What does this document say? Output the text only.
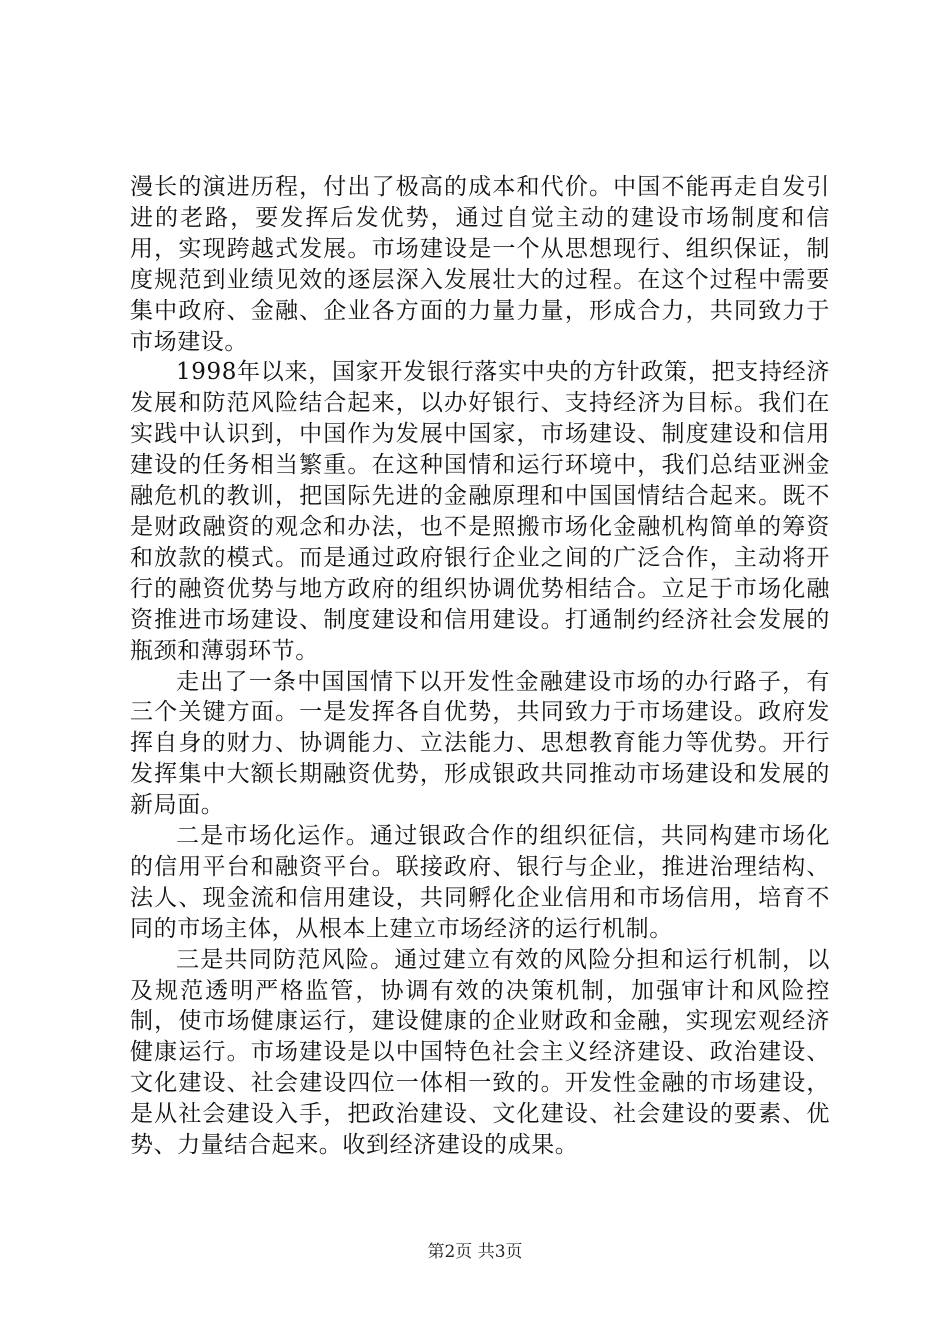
漫长的演进历程，付出了极高的成本和代价。中国不能再走自发引进的老路，要发挥后发优势，通过自觉主动的建设市场制度和信用，实现跨越式发展。市场建设是一个从思想现行、组织保证，制度规范到业绩见效的逐层深入发展壮大的过程。在这个过程中需要集中政府、金融、企业各方面的力量力量，形成合力，共同致力于市场建设。

1998年以来，国家开发银行落实中央的方针政策，把支持经济发展和防范风险结合起来，以办好银行、支持经济为目标。我们在实践中认识到，中国作为发展中国家，市场建设、制度建设和信用建设的任务相当繁重。在这种国情和运行环境中，我们总结亚洲金融危机的教训，把国际先进的金融原理和中国国情结合起来。既不是财政融资的观念和办法，也不是照搬市场化金融机构简单的筹资和放款的模式。而是通过政府银行企业之间的广泛合作，主动将开行的融资优势与地方政府的组织协调优势相结合。立足于市场化融资推进市场建设、制度建设和信用建设。打通制约经济社会发展的瓶颈和薄弱环节。

走出了一条中国国情下以开发性金融建设市场的办行路子，有三个关键方面。一是发挥各自优势，共同致力于市场建设。政府发挥自身的财力、协调能力、立法能力、思想教育能力等优势。开行发挥集中大额长期融资优势，形成银政共同推动市场建设和发展的新局面。

二是市场化运作。通过银政合作的组织征信，共同构建市场化的信用平台和融资平台。联接政府、银行与企业，推进治理结构、法人、现金流和信用建设，共同孵化企业信用和市场信用，培育不同的市场主体，从根本上建立市场经济的运行机制。

三是共同防范风险。通过建立有效的风险分担和运行机制，以及规范透明严格监管，协调有效的决策机制，加强审计和风险控制，使市场健康运行，建设健康的企业财政和金融，实现宏观经济健康运行。市场建设是以中国特色社会主义经济建设、政治建设、文化建设、社会建设四位一体相一致的。开发性金融的市场建设，是从社会建设入手，把政治建设、文化建设、社会建设的要素、优势、力量结合起来。收到经济建设的成果。

第2页 共3页
